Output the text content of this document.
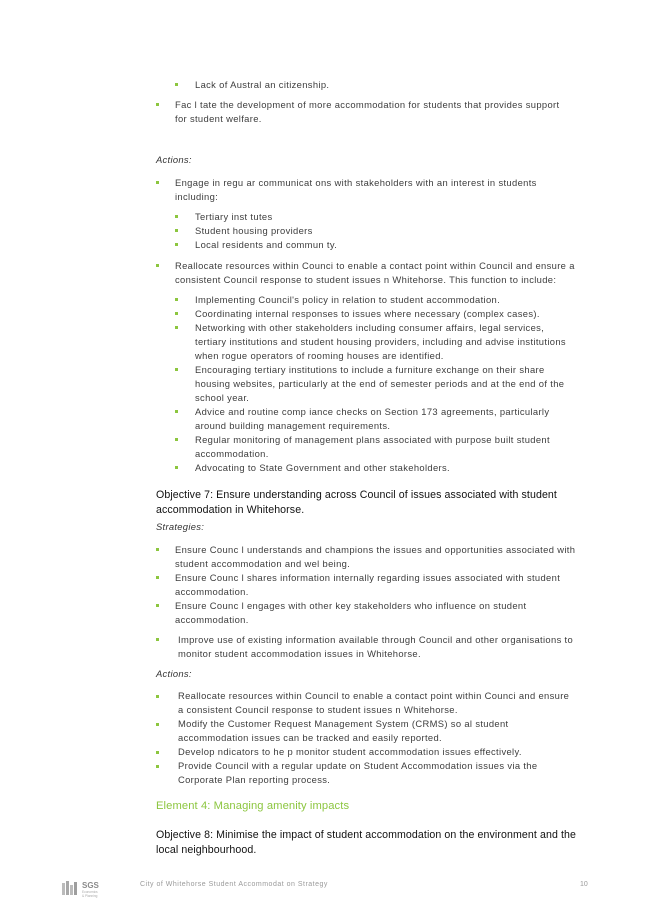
Lack of Austral an citizenship.
Fac l tate the development of more accommodation for students that provides support
for student welfare.
Actions:
Engage in regu ar communicat ons with stakeholders with an interest in students
including:
Tertiary inst tutes
Student housing providers
Local residents and commun ty.
Reallocate resources within Counci to enable a contact point within Council and ensure a
consistent Council response to student issues n Whitehorse. This function to include:
Implementing Council's policy in relation to student accommodation.
Coordinating internal responses to issues where necessary (complex cases).
Networking with other stakeholders including consumer affairs, legal services,
tertiary institutions and student housing providers, including and advise institutions
when rogue operators of rooming houses are identified.
Encouraging tertiary institutions to include a furniture exchange on their share
housing websites, particularly at the end of semester periods and at the end of the
school year.
Advice and routine comp iance checks on Section 173 agreements, particularly
around building management requirements.
Regular monitoring of management plans associated with purpose built student
accommodation.
Advocating to State Government and other stakeholders.
Objective 7: Ensure understanding across Council of issues associated with student
accommodation in Whitehorse.
Strategies:
Ensure Counc l understands and champions the issues and opportunities associated with
student accommodation and wel being.
Ensure Counc l shares information internally regarding issues associated with student
accommodation.
Ensure Counc l engages with other key stakeholders who influence on student
accommodation.
Improve use of existing information available through Council and other organisations to
monitor student accommodation issues in Whitehorse.
Actions:
Reallocate resources within Council to enable a contact point within Counci and ensure
a consistent Council response to student issues n Whitehorse.
Modify the Customer Request Management System (CRMS) so al student
accommodation issues can be tracked and easily reported.
Develop ndicators to he p monitor student accommodation issues effectively.
Provide Council with a regular update on Student Accommodation issues via the
Corporate Plan reporting process.
Element 4: Managing amenity impacts
Objective 8: Minimise the impact of student accommodation on the environment and the
local neighbourhood.
SGS
Economics
& Planning
City of Whitehorse Student Accommodat on Strategy	10
